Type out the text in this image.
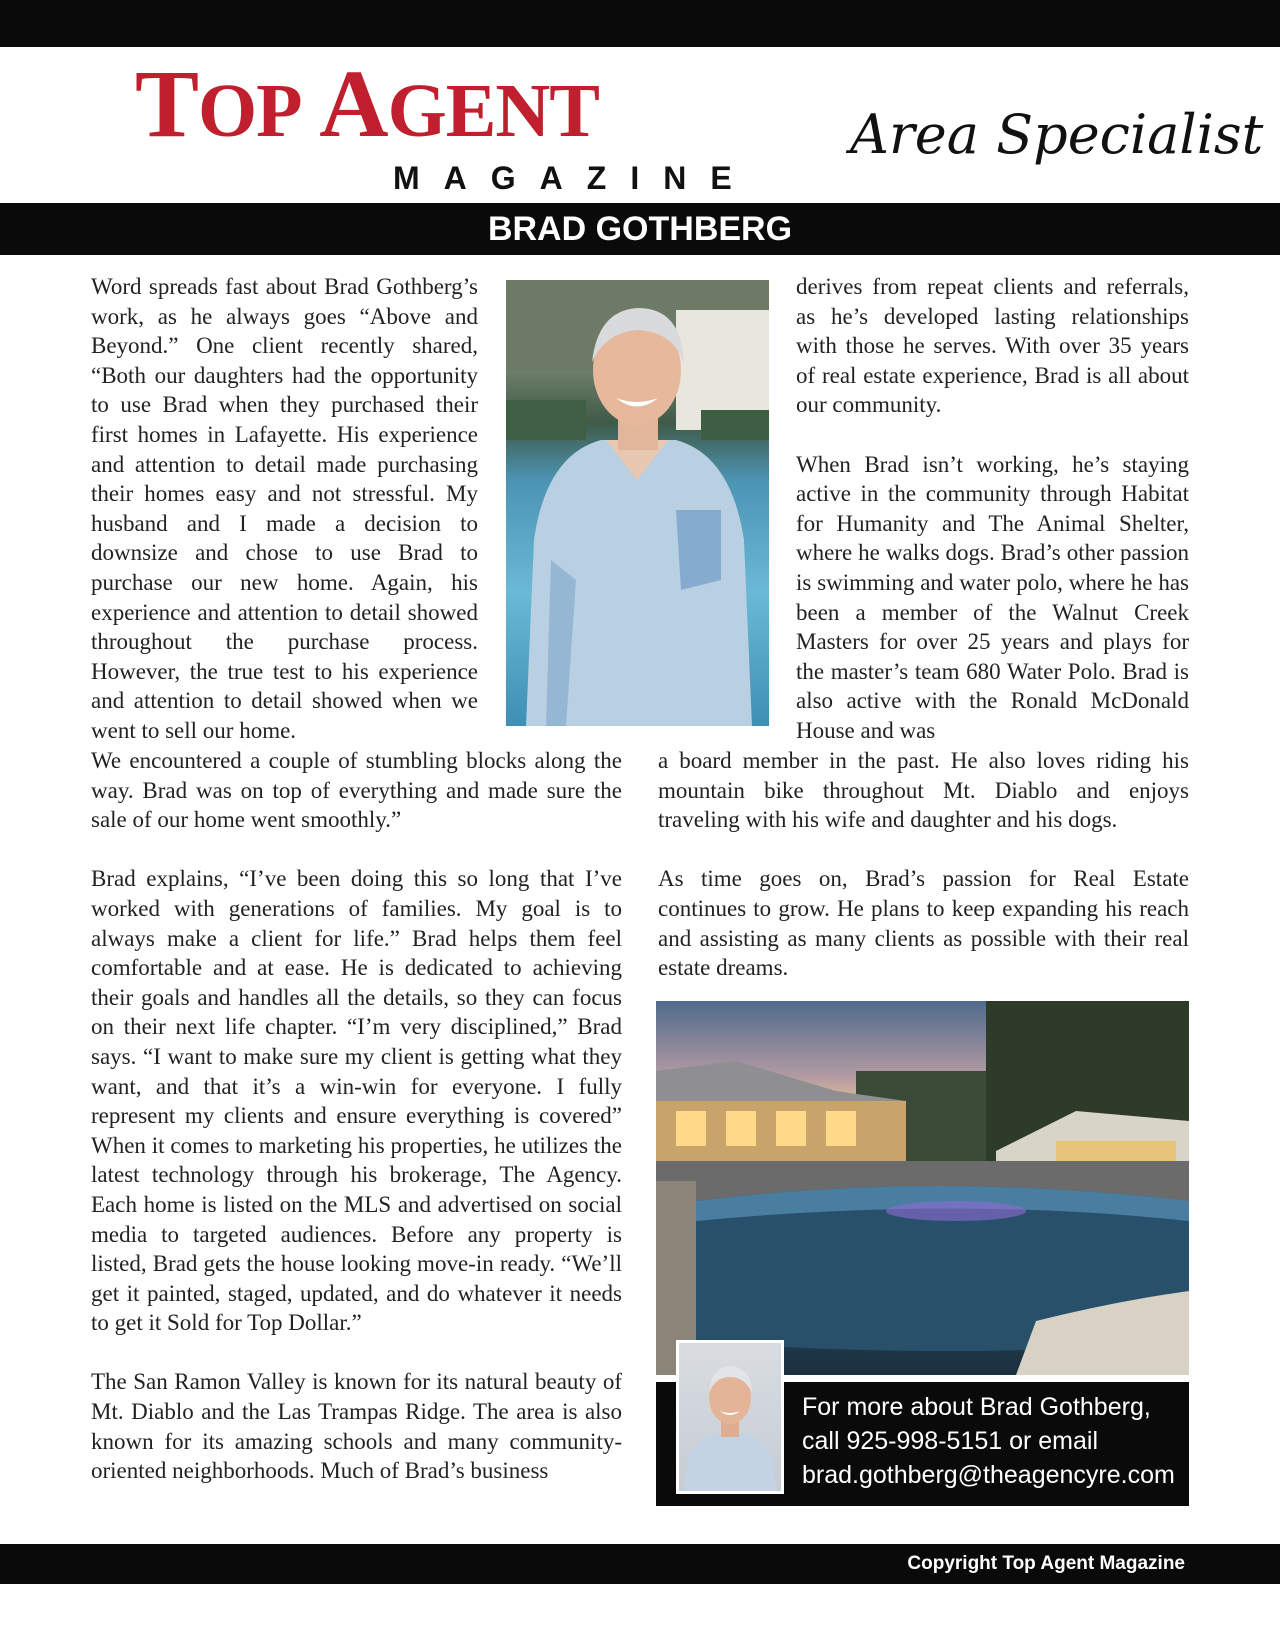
TOP AGENT
MAGAZINE
Area Specialist
BRAD GOTHBERG

Word spreads fast about Brad Gothberg’s work, as he always goes “Above and Beyond.” One client recently shared, “Both our daughters had the opportunity to use Brad when they purchased their first homes in Lafayette. His experience and attention to detail made purchasing their homes easy and not stressful. My husband and I made a decision to downsize and chose to use Brad to purchase our new home. Again, his experience and attention to detail showed throughout the purchase process. However, the true test to his experience and attention to detail showed when we went to sell our home.

derives from repeat clients and referrals, as he’s developed lasting relationships with those he serves. With over 35 years of real estate experience, Brad is all about our community.

When Brad isn’t working, he’s staying active in the community through Habitat for Humanity and The Animal Shelter, where he walks dogs. Brad’s other passion is swimming and water polo, where he has been a member of the Walnut Creek Masters for over 25 years and plays for the master’s team 680 Water Polo. Brad is also active with the Ronald McDonald House and was

We encountered a couple of stumbling blocks along the way. Brad was on top of everything and made sure the sale of our home went smoothly.”

Brad explains, “I’ve been doing this so long that I’ve worked with generations of families. My goal is to always make a client for life.” Brad helps them feel comfortable and at ease. He is dedicated to achieving their goals and handles all the details, so they can focus on their next life chapter. “I’m very disciplined,” Brad says. “I want to make sure my client is getting what they want, and that it’s a win-win for everyone. I fully represent my clients and ensure everything is covered” When it comes to marketing his properties, he utilizes the latest technology through his brokerage, The Agency. Each home is listed on the MLS and advertised on social media to targeted audiences. Before any property is listed, Brad gets the house looking move-in ready. “We’ll get it painted, staged, updated, and do whatever it needs to get it Sold for Top Dollar.”

The San Ramon Valley is known for its natural beauty of Mt. Diablo and the Las Trampas Ridge. The area is also known for its amazing schools and many community-oriented neighborhoods. Much of Brad’s business

a board member in the past. He also loves riding his mountain bike throughout Mt. Diablo and enjoys traveling with his wife and daughter and his dogs.

As time goes on, Brad’s passion for Real Estate continues to grow. He plans to keep expanding his reach and assisting as many clients as possible with their real estate dreams.

For more about Brad Gothberg,
call 925-998-5151 or email
brad.gothberg@theagencyre.com
Copyright Top Agent Magazine
